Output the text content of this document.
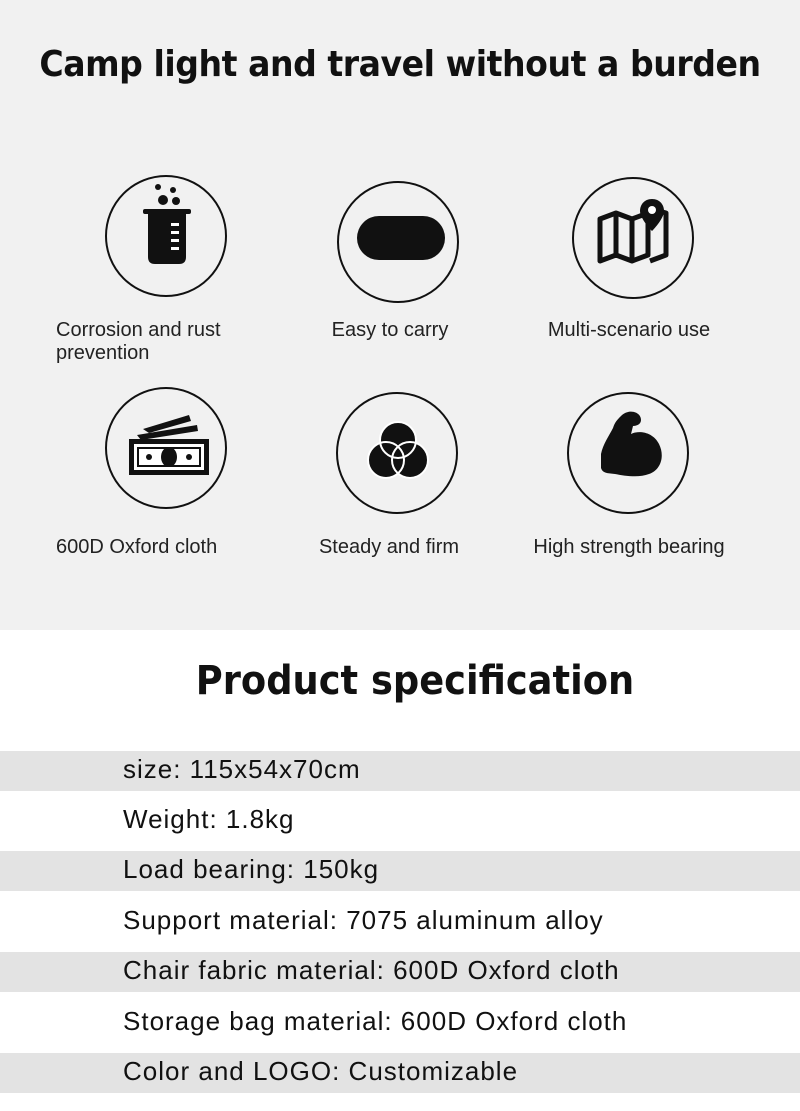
Camp light and travel without a burden
Corrosion and rust
prevention
Easy to carry	Multi-scenario use
600D Oxford cloth	Steady and firm	High strength bearing
Product specification
size: 115x54x70cm
Weight: 1.8kg
Load bearing: 150kg
Support material: 7075 aluminum alloy
Chair fabric material: 600D Oxford cloth
Storage bag material: 600D Oxford cloth
Color and LOGO: Customizable
